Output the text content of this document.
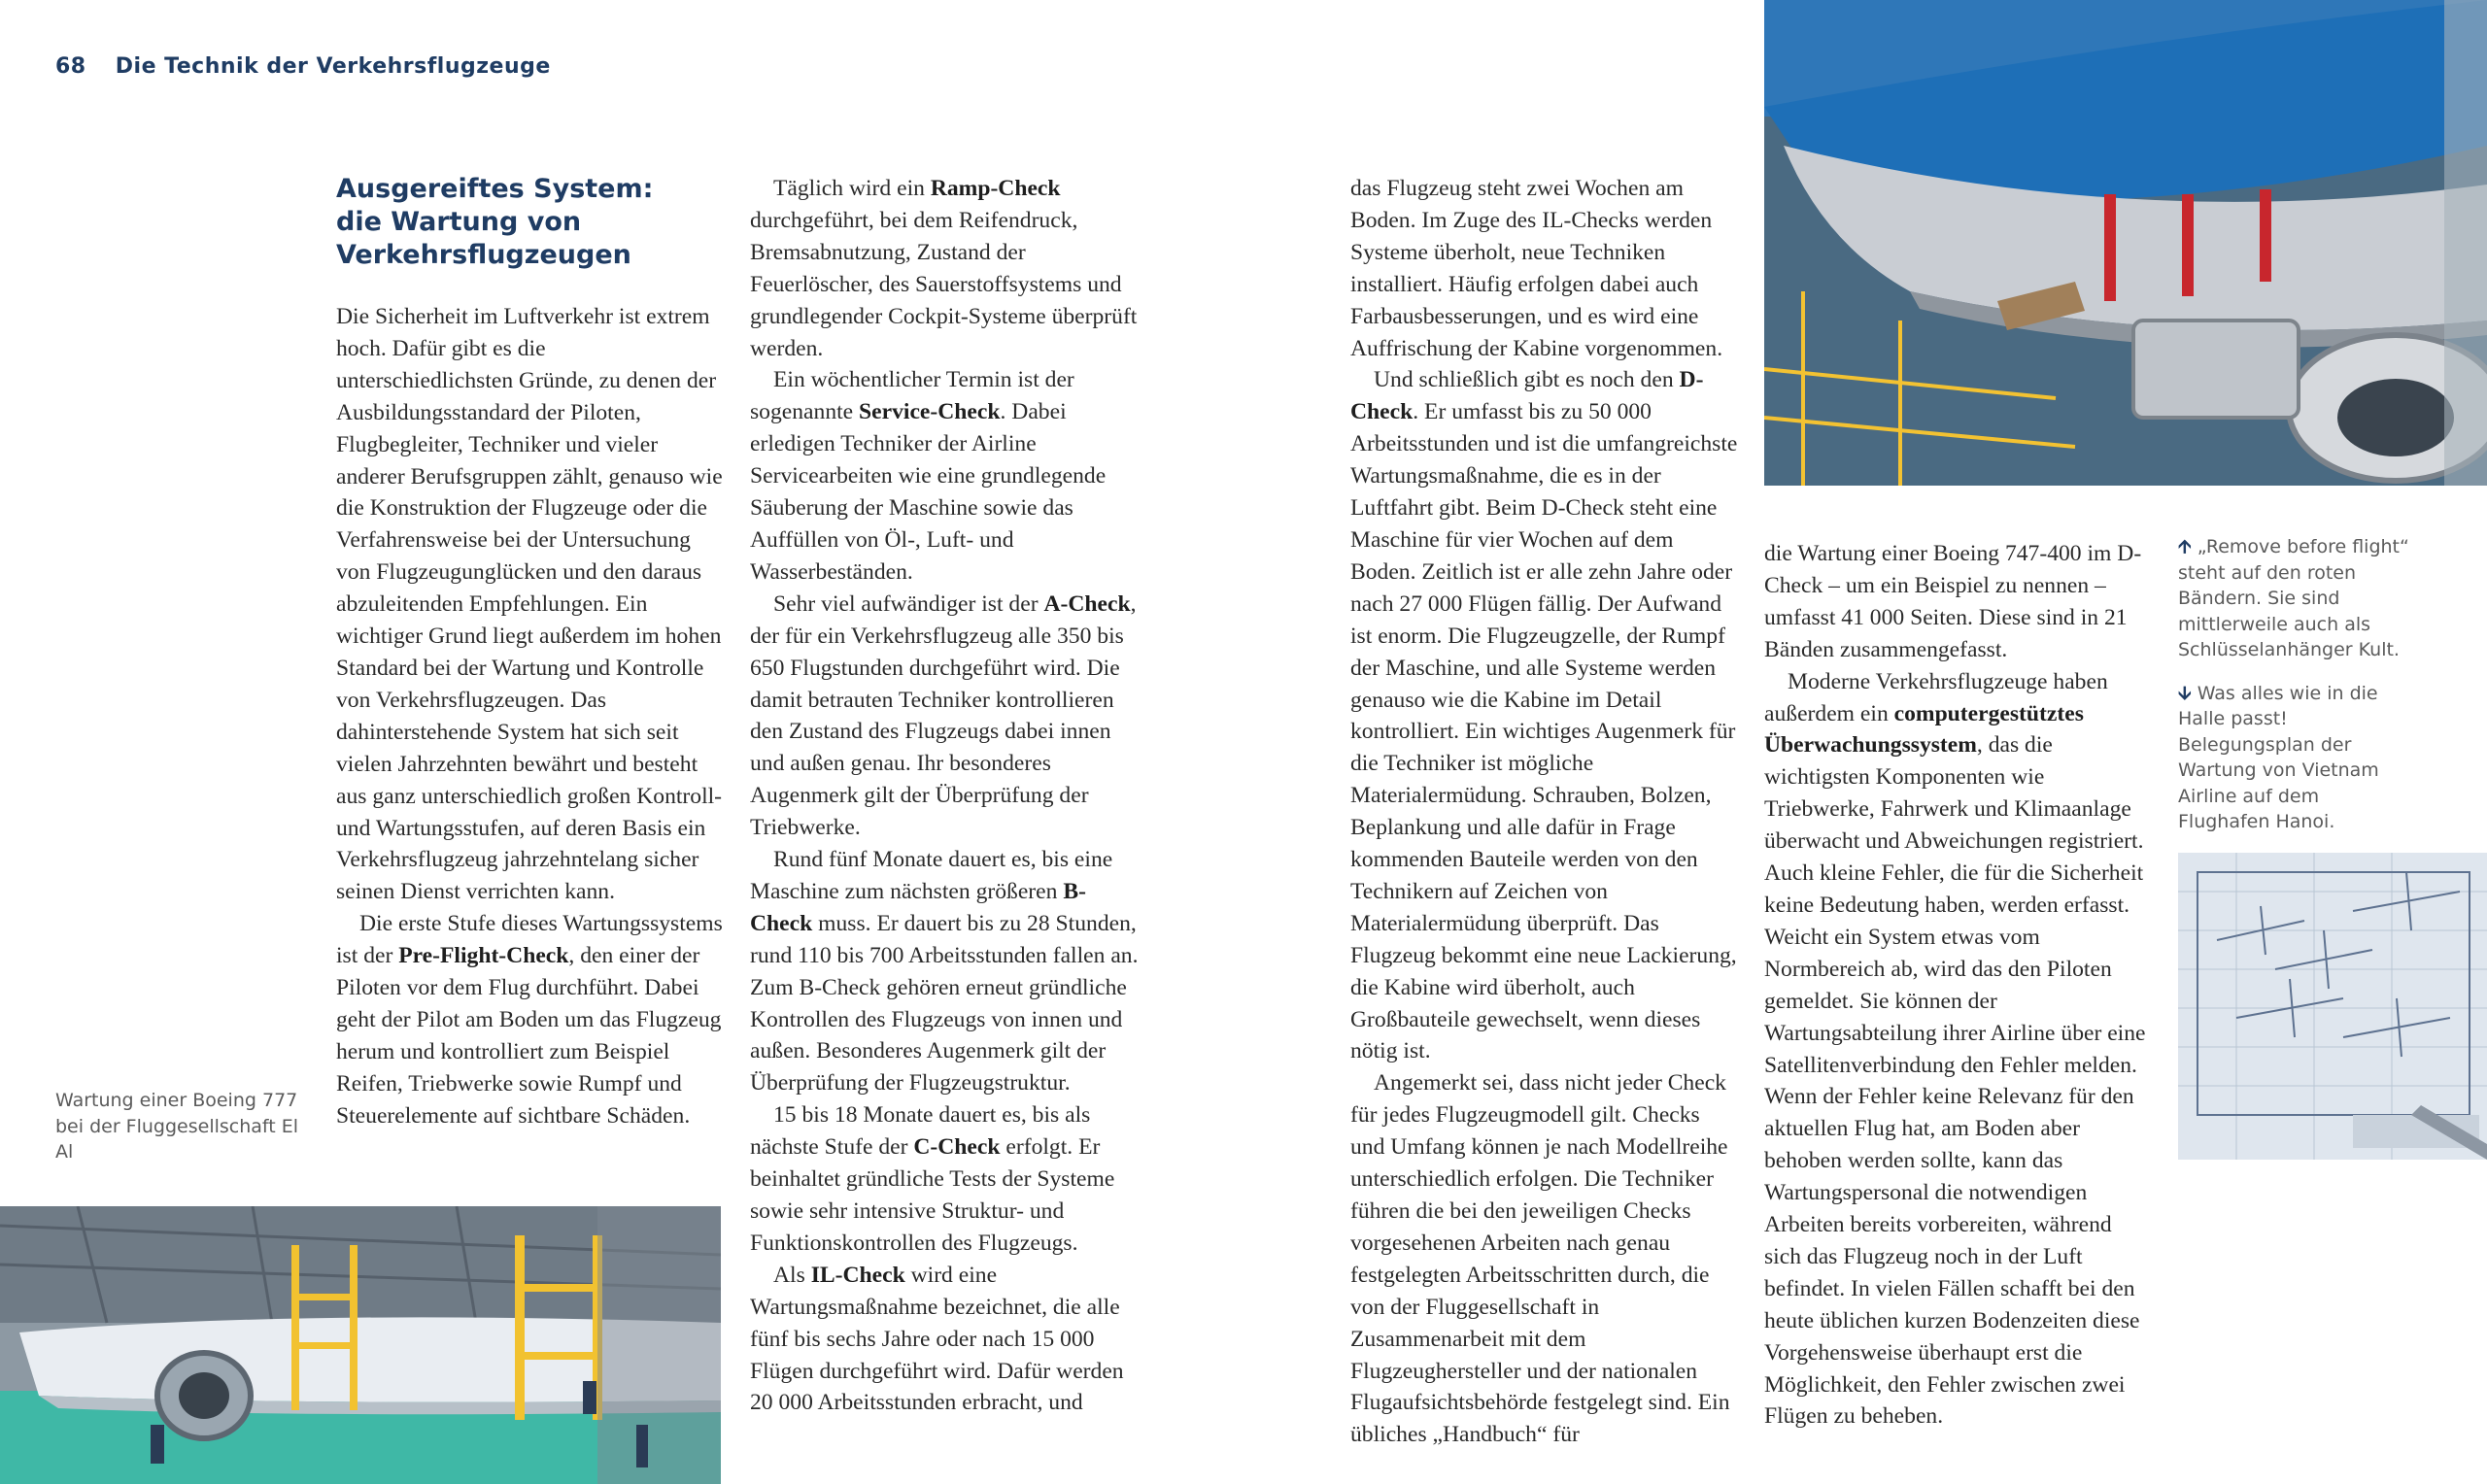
68 Die Technik der Verkehrsflugzeuge
Ausgereiftes System: die Wartung von Verkehrsflugzeugen

Die Sicherheit im Luftverkehr ist extrem hoch. Dafür gibt es die unterschiedlichsten Gründe, zu denen der Ausbildungsstandard der Piloten, Flugbegleiter, Techniker und vieler anderer Berufsgruppen zählt, genauso wie die Konstruktion der Flugzeuge oder die Verfahrensweise bei der Untersuchung von Flugzeugunglücken und den daraus abzuleitenden Empfehlungen. Ein wichtiger Grund liegt außerdem im hohen Standard bei der Wartung und Kontrolle von Verkehrsflugzeugen. Das dahinterstehende System hat sich seit vielen Jahrzehnten bewährt und besteht aus ganz unterschiedlich großen Kontroll- und Wartungsstufen, auf deren Basis ein Verkehrsflugzeug jahrzehntelang sicher seinen Dienst verrichten kann.

Die erste Stufe dieses Wartungssystems ist der Pre-Flight-Check, den einer der Piloten vor dem Flug durchführt. Dabei geht der Pilot am Boden um das Flugzeug herum und kontrolliert zum Beispiel Reifen, Triebwerke sowie Rumpf und Steuerelemente auf sichtbare Schäden.

Täglich wird ein Ramp-Check durchgeführt, bei dem Reifendruck, Bremsabnutzung, Zustand der Feuerlöscher, des Sauerstoffsystems und grundlegender Cockpit-Systeme überprüft werden.

Ein wöchentlicher Termin ist der sogenannte Service-Check. Dabei erledigen Techniker der Airline Servicearbeiten wie eine grundlegende Säuberung der Maschine sowie das Auffüllen von Öl-, Luft- und Wasserbeständen.

Sehr viel aufwändiger ist der A-Check, der für ein Verkehrsflugzeug alle 350 bis 650 Flugstunden durchgeführt wird. Die damit betrauten Techniker kontrollieren den Zustand des Flugzeugs dabei innen und außen genau. Ihr besonderes Augenmerk gilt der Überprüfung der Triebwerke.

Rund fünf Monate dauert es, bis eine Maschine zum nächsten größeren B-Check muss. Er dauert bis zu 28 Stunden, rund 110 bis 700 Arbeitsstunden fallen an. Zum B-Check gehören erneut gründliche Kontrollen des Flugzeugs von innen und außen. Besonderes Augenmerk gilt der Überprüfung der Flugzeugstruktur.

15 bis 18 Monate dauert es, bis als nächste Stufe der C-Check erfolgt. Er beinhaltet gründliche Tests der Systeme sowie sehr intensive Struktur- und Funktionskontrollen des Flugzeugs.

Als IL-Check wird eine Wartungsmaßnahme bezeichnet, die alle fünf bis sechs Jahre oder nach 15 000 Flügen durchgeführt wird. Dafür werden 20 000 Arbeitsstunden erbracht, und

das Flugzeug steht zwei Wochen am Boden. Im Zuge des IL-Checks werden Systeme überholt, neue Techniken installiert. Häufig erfolgen dabei auch Farbausbesserungen, und es wird eine Auffrischung der Kabine vorgenommen.

Und schließlich gibt es noch den D-Check. Er umfasst bis zu 50 000 Arbeitsstunden und ist die umfangreichste Wartungsmaßnahme, die es in der Luftfahrt gibt. Beim D-Check steht eine Maschine für vier Wochen auf dem Boden. Zeitlich ist er alle zehn Jahre oder nach 27 000 Flügen fällig. Der Aufwand ist enorm. Die Flugzeugzelle, der Rumpf der Maschine, und alle Systeme werden genauso wie die Kabine im Detail kontrolliert. Ein wichtiges Augenmerk für die Techniker ist mögliche Materialermüdung. Schrauben, Bolzen, Beplankung und alle dafür in Frage kommenden Bauteile werden von den Technikern auf Zeichen von Materialermüdung überprüft. Das Flugzeug bekommt eine neue Lackierung, die Kabine wird überholt, auch Großbauteile gewechselt, wenn dieses nötig ist.

Angemerkt sei, dass nicht jeder Check für jedes Flugzeugmodell gilt. Checks und Umfang können je nach Modellreihe unterschiedlich erfolgen. Die Techniker führen die bei den jeweiligen Checks vorgesehenen Arbeiten nach genau festgelegten Arbeitsschritten durch, die von der Fluggesellschaft in Zusammenarbeit mit dem Flugzeughersteller und der nationalen Flugaufsichtsbehörde festgelegt sind. Ein übliches „Handbuch“ für

die Wartung einer Boeing 747-400 im D-Check – um ein Beispiel zu nennen – umfasst 41 000 Seiten. Diese sind in 21 Bänden zusammengefasst.

Moderne Verkehrsflugzeuge haben außerdem ein computergestütztes Überwachungssystem, das die wichtigsten Komponenten wie Triebwerke, Fahrwerk und Klimaanlage überwacht und Abweichungen registriert. Auch kleine Fehler, die für die Sicherheit keine Bedeutung haben, werden erfasst. Weicht ein System etwas vom Normbereich ab, wird das den Piloten gemeldet. Sie können der Wartungsabteilung ihrer Airline über eine Satellitenverbindung den Fehler melden. Wenn der Fehler keine Relevanz für den aktuellen Flug hat, am Boden aber behoben werden sollte, kann das Wartungspersonal die notwendigen Arbeiten bereits vorbereiten, während sich das Flugzeug noch in der Luft befindet. In vielen Fällen schafft bei den heute üblichen kurzen Bodenzeiten diese Vorgehensweise überhaupt erst die Möglichkeit, den Fehler zwischen zwei Flügen zu beheben.

Wartung einer Boeing 777 bei der Fluggesellschaft El Al

🡩 „Remove before flight“ steht auf den roten Bändern. Sie sind mittlerweile auch als Schlüsselanhänger Kult.

🡫 Was alles wie in die Halle passt! Belegungsplan der Wartung von Vietnam Airline auf dem Flughafen Hanoi.
